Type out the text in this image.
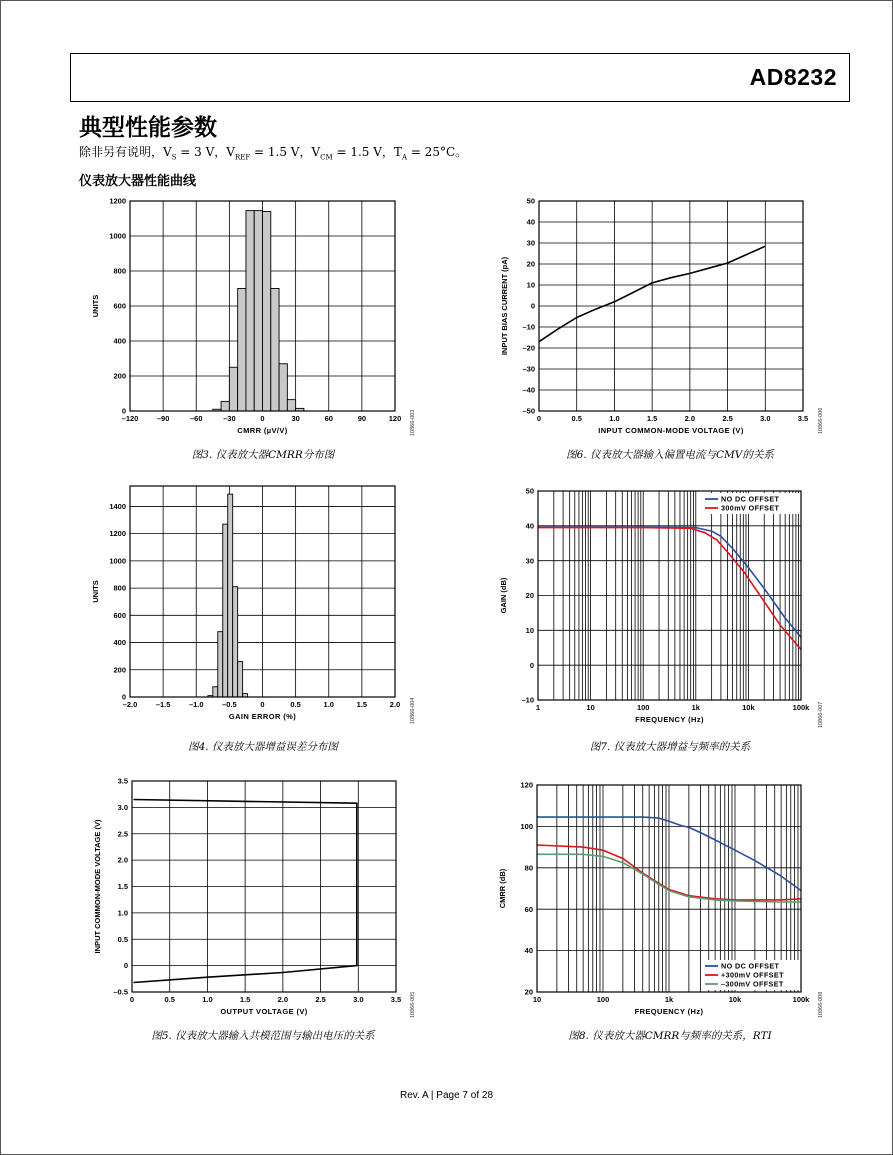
AD8232
典型性能参数
除非另有说明，$V_S = 3$ V，$V_{REF} = 1.5$ V，$V_{CM} = 1.5$ V，$T_A = 25^\circ C$。
仪表放大器性能曲线
–120 –90	–60	–30	0	30	60	90	120
0
200
400
600
800
1000
1200
CMRR (µV/V)
UNITS
图3. 仪表放大器CMRR分布图
10866-003
–2.0 –1.5 –1.0 –0.5	0	0.5	1.0	1.5	2.0
0
200
400
600
800
1000
1200
1400
GAIN ERROR (%)
UNITS
图4. 仪表放大器增益误差分布图
10866-004
0	0.5	1.0	1.5	2.0	2.5	3.0	3.5
–0.5
0
0.5
1.0
1.5
2.0
2.5
3.0
3.5
OUTPUT VOLTAGE (V)
INPUT COMMON-MODE VOLTAGE (V)
图5. 仪表放大器输入共模范围与输出电压的关系
10866-005
0	0.5	1.0	1.5	2.0	2.5	3.0	3.5
–50
–40
–30
–20
–10
0
10
20
30
40
50
INPUT COMMON-MODE VOLTAGE (V)
INPUT BIAS CURRENT (pA)
图6. 仪表放大器输入偏置电流与CMV的关系
10866-006
1	10	100	1k	10k	100k
–10
0
10
20
30
40
50
FREQUENCY (Hz)
GAIN (dB)
NO DC OFFSET
300mV OFFSET
图7. 仪表放大器增益与频率的关系
10866-007
10	100	1k	10k	100k
20
40
60
80
100
120
FREQUENCY (Hz)
CMRR (dB)
NO DC OFFSET
+300mV OFFSET
–300mV OFFSET
图8. 仪表放大器CMRR与频率的关系，RTI
10866-008
Rev. A | Page 7 of 28
